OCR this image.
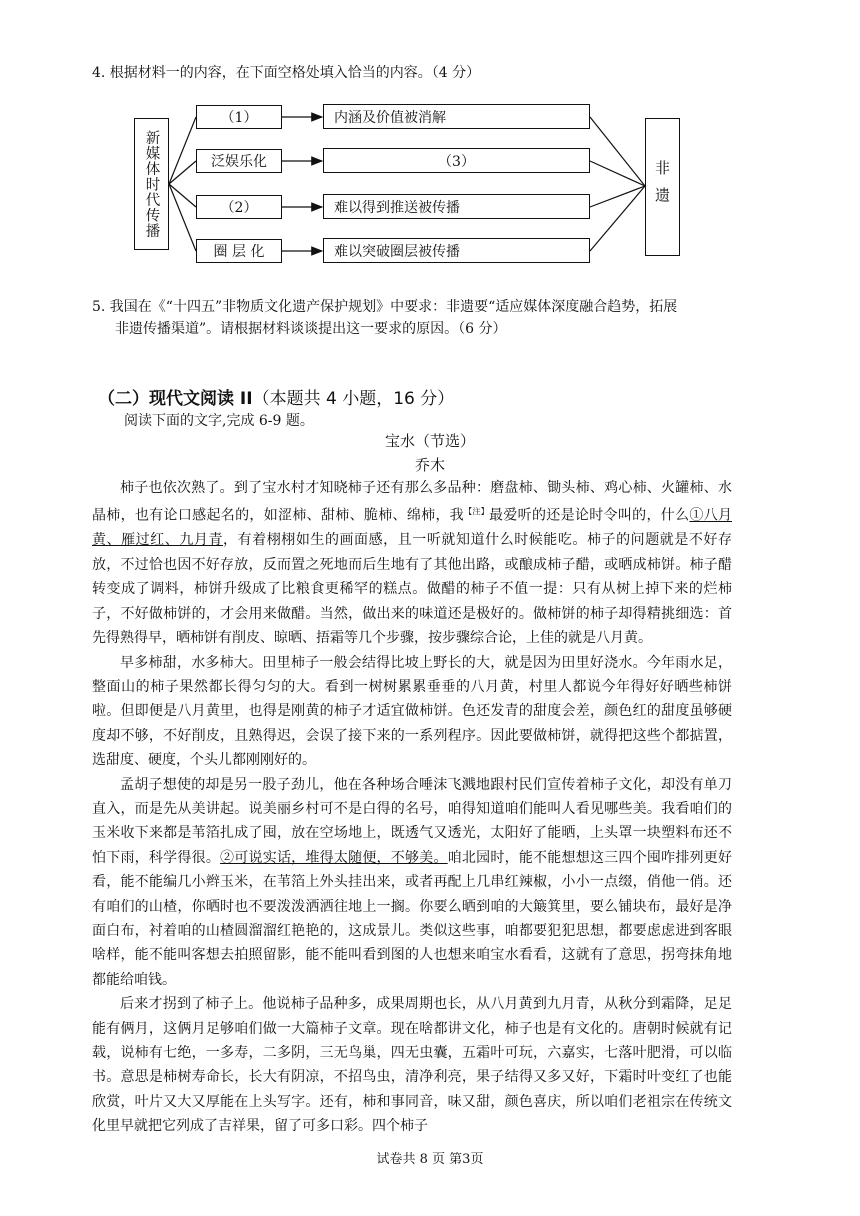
4. 根据材料一的内容，在下面空格处填入恰当的内容。（4 分）
新媒体时代传播
（1）
泛娱乐化
（2）
圈 层 化
内涵及价值被消解
（3）
难以得到推送被传播
难以突破圈层被传播
非遗
5. 我国在《“十四五”非物质文化遗产保护规划》中要求：非遗要“适应媒体深度融合趋势，拓展
非遗传播渠道”。请根据材料谈谈提出这一要求的原因。（6 分）
（二）现代文阅读 II（本题共 4 小题，16 分）
阅读下面的文字,完成 6-9 题。
宝水（节选）
乔木

柿子也依次熟了。到了宝水村才知晓柿子还有那么多品种：磨盘柿、锄头柿、鸡心柿、火罐柿、水晶柿，也有论口感起名的，如涩柿、甜柿、脆柿、绵柿，我$^{【注】}$最爱听的还是论时令叫的，什么①八月黄、雁过红、九月青，有着栩栩如生的画面感，且一听就知道什么时候能吃。柿子的问题就是不好存放，不过恰也因不好存放，反而置之死地而后生地有了其他出路，或酿成柿子醋，或晒成柿饼。柿子醋转变成了调料，柿饼升级成了比粮食更稀罕的糕点。做醋的柿子不值一提：只有从树上掉下来的烂柿子，不好做柿饼的，才会用来做醋。当然，做出来的味道还是极好的。做柿饼的柿子却得精挑细选：首先得熟得早，晒柿饼有削皮、晾晒、捂霜等几个步骤，按步骤综合论，上佳的就是八月黄。

早多柿甜，水多柿大。田里柿子一般会结得比坡上野长的大，就是因为田里好浇水。今年雨水足，整面山的柿子果然都长得匀匀的大。看到一树树累累垂垂的八月黄，村里人都说今年得好好晒些柿饼啦。但即便是八月黄里，也得是刚黄的柿子才适宜做柿饼。色还发青的甜度会差，颜色红的甜度虽够硬度却不够，不好削皮，且熟得迟，会误了接下来的一系列程序。因此要做柿饼，就得把这些个都掂置，选甜度、硬度，个头儿都刚刚好的。

孟胡子想使的却是另一股子劲儿，他在各种场合唾沫飞溅地跟村民们宣传着柿子文化，却没有单刀直入，而是先从美讲起。说美丽乡村可不是白得的名号，咱得知道咱们能叫人看见哪些美。我看咱们的玉米收下来都是苇箔扎成了囤，放在空场地上，既透气又透光，太阳好了能晒，上头罩一块塑料布还不怕下雨，科学得很。②可说实话，堆得太随便，不够美。咱北园时，能不能想想这三四个囤咋排列更好看，能不能编几小辫玉米，在苇箔上外头挂出来，或者再配上几串红辣椒，小小一点缀，俏他一俏。还有咱们的山楂，你晒时也不要泼泼洒洒往地上一搁。你要么晒到咱的大簸箕里，要么铺块布，最好是净面白布，衬着咱的山楂圆溜溜红艳艳的，这成景儿。类似这些事，咱都要犯犯思想，都要虑虑进到客眼啥样，能不能叫客想去拍照留影，能不能叫看到图的人也想来咱宝水看看，这就有了意思，拐弯抹角地都能给咱钱。

后来才拐到了柿子上。他说柿子品种多，成果周期也长，从八月黄到九月青，从秋分到霜降，足足能有俩月，这俩月足够咱们做一大篇柿子文章。现在啥都讲文化，柿子也是有文化的。唐朝时候就有记载，说柿有七绝，一多寿，二多阴，三无鸟巢，四无虫囊，五霜叶可玩，六嘉实，七落叶肥滑，可以临书。意思是柿树寿命长，长大有阴凉，不招鸟虫，清净利亮，果子结得又多又好，下霜时叶变红了也能欣赏，叶片又大又厚能在上头写字。还有，柿和事同音，味又甜，颜色喜庆，所以咱们老祖宗在传统文化里早就把它列成了吉祥果，留了可多口彩。四个柿子

试卷共 8 页 第3页
